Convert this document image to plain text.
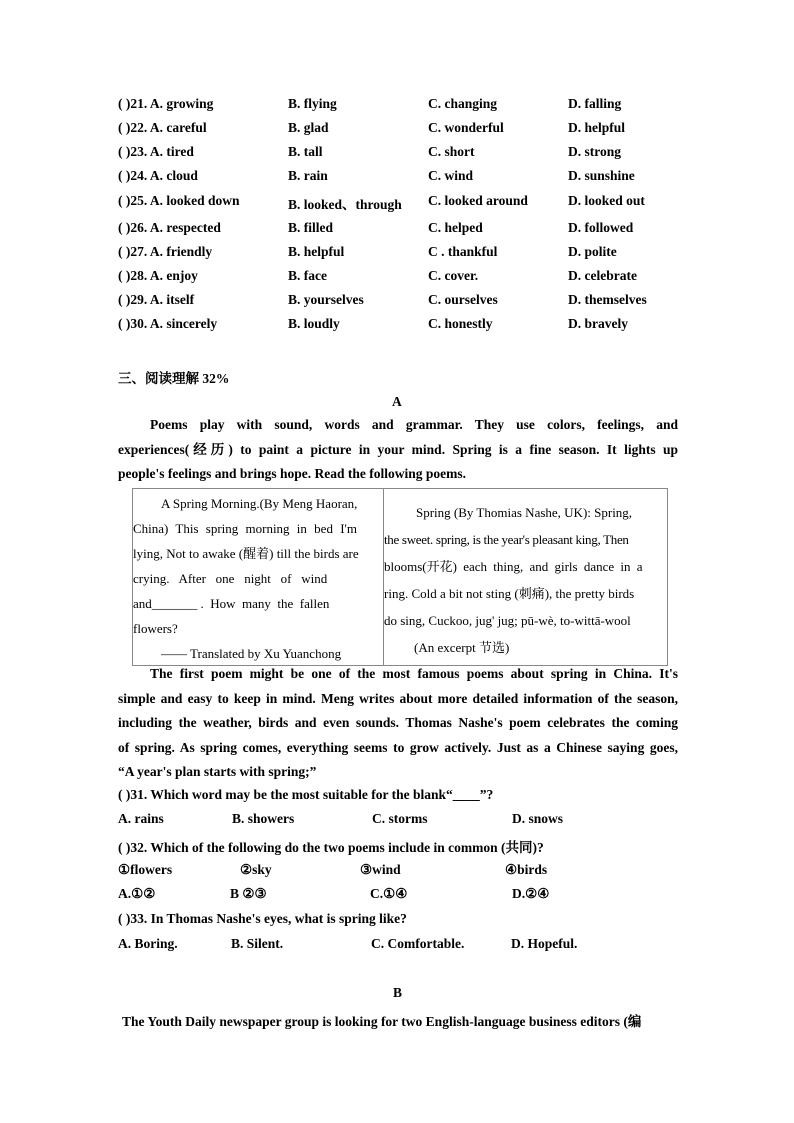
( )21. A. growing	B. flying	C. changing	D. falling
( )22. A. careful	B. glad	C. wonderful	D. helpful
( )23. A. tired	B. tall	C. short	D. strong
( )24. A. cloud	B. rain	C. wind	D. sunshine
( )25. A. looked down	B. looked、through C. looked around	D. looked out
( )26. A. respected	B. filled	C. helped	D. followed
( )27. A. friendly	B. helpful	C . thankful	D. polite
( )28. A. enjoy	B. face	C. cover.	D. celebrate
( )29. A. itself	B. yourselves	C. ourselves	D. themselves
( )30. A. sincerely	B. loudly	C. honestly	D. bravely
三、阅读理解 32%
A
Poems play with sound, words and grammar. They use colors, feelings, and
experiences(经历) to paint a picture in your mind. Spring is a fine season. It lights up
people's feelings and brings hope. Read the following poems.
A Spring Morning.(By Meng Haoran,
China) This spring morning in bed I'm
lying, Not to awake (醒着) till the birds are
crying.   After   one   night   of   wind
and_______ .  How  many  the  fallen
flowers?
—— Translated by Xu Yuanchong
Spring (By Thomias Nashe, UK): Spring,
the sweet. spring, is the year's pleasant king, Then
blooms(开花) each thing, and girls dance in a
ring. Cold a bit not sting (刺痛), the pretty birds
do sing, Cuckoo, jug' jug; pū-wè, to-wittā-wool
(An excerpt 节选)
The first poem might be one of the most famous poems about spring in China. It's
simple and easy to keep in mind. Meng writes about more detailed information of the season,
including the weather, birds and even sounds. Thomas Nashe's poem celebrates the coming
of spring. As spring comes, everything seems to grow actively. Just as a Chinese saying goes,
“A year's plan starts with spring;”
( )31. Which word may be the most suitable for the blank“____”?
A. rains	B. showers	C. storms	D. snows
( )32. Which of the following do the two poems include in common (共同)?
①flowers	②sky	③wind	④birds
A.①②	B ②③	C.①④	D.②④
( )33. In Thomas Nashe's eyes, what is spring like?
A. Boring.	B. Silent.	C. Comfortable.	D. Hopeful.
B
The Youth Daily newspaper group is looking for two English-language business editors (编
